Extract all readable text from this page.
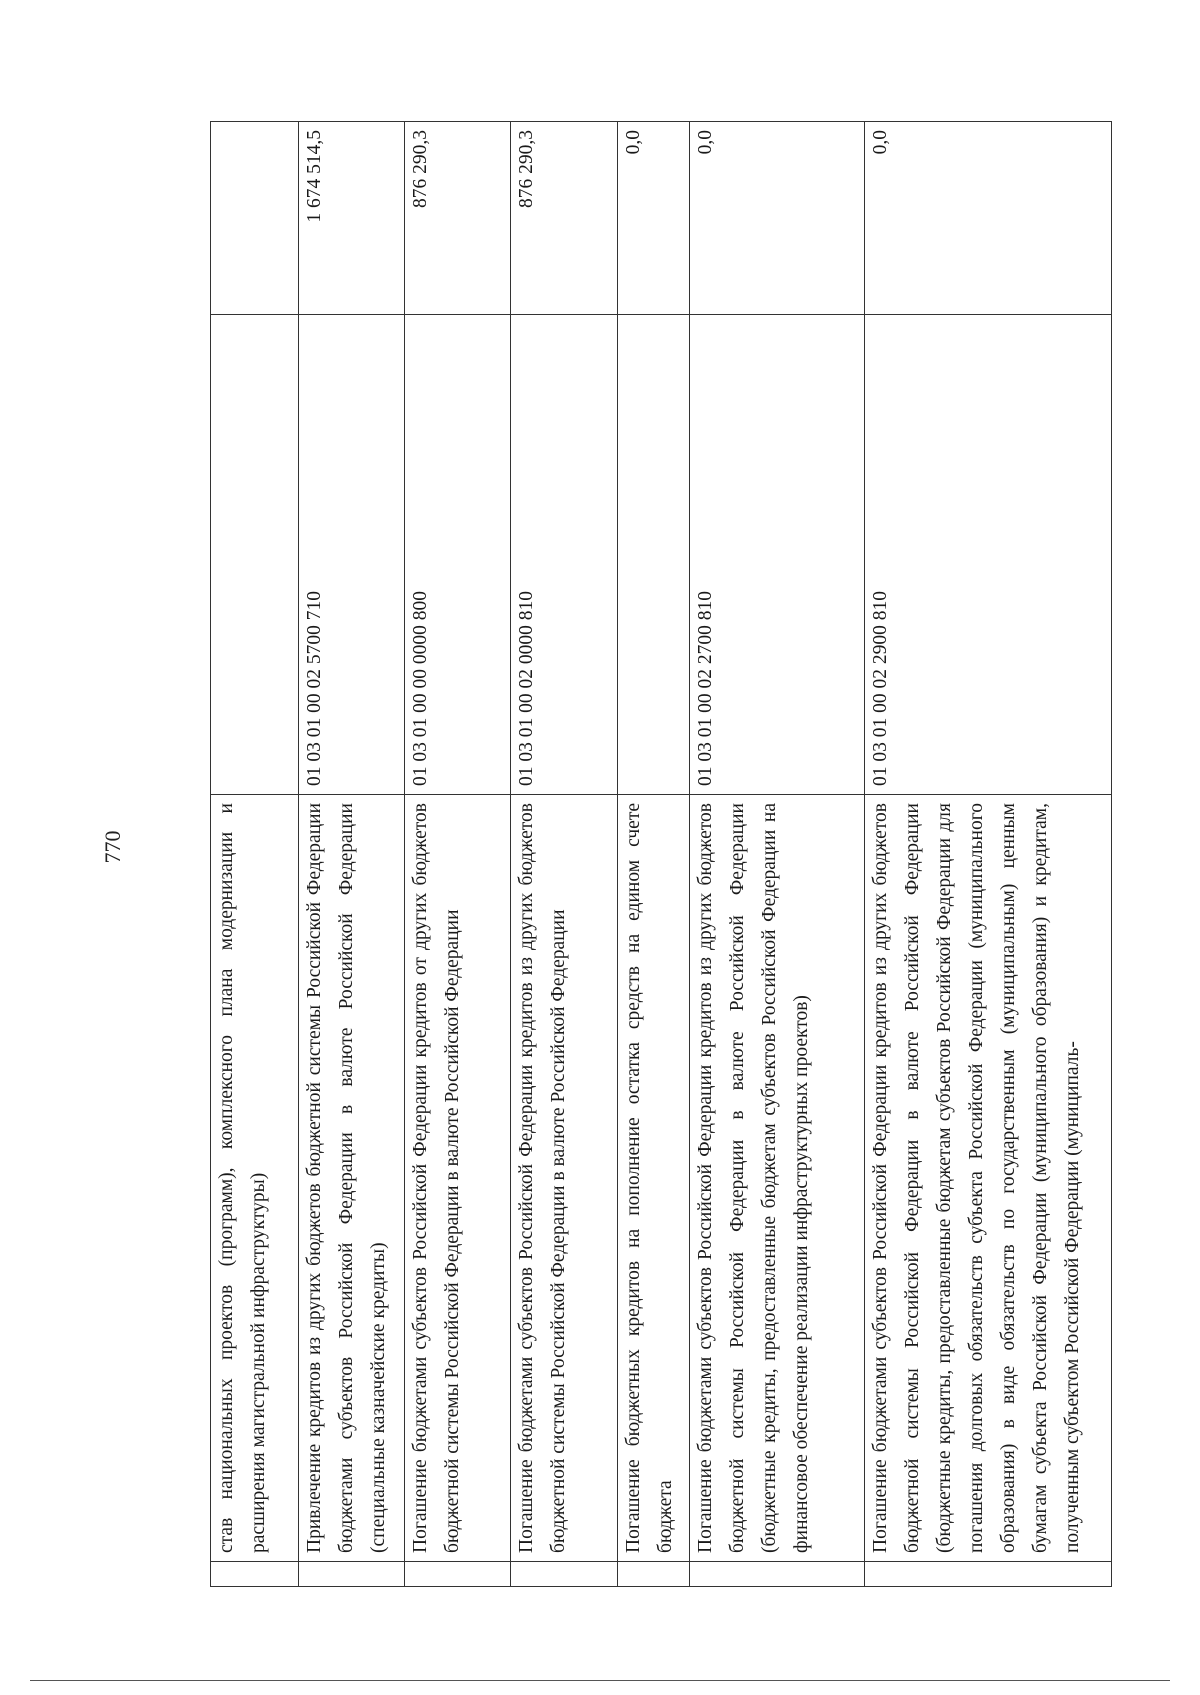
770
		став национальных проектов (программ), комплексного плана модернизации и расширения магистральной инфраструктуры)		
	Привлечение кредитов из других бюджетов бюджетной системы Российской Федерации бюджетами субъектов Российской Федерации в валюте Российской Федерации (специальные казначейские кредиты)	01 03 01 00 02 5700 710	1 674 514,5
	Погашение бюджетами субъектов Российской Федерации кредитов от других бюджетов бюджетной системы Российской Федерации в валюте Российской Федерации	01 03 01 00 00 0000 800	876 290,3
	Погашение бюджетами субъектов Российской Федерации кредитов из других бюджетов бюджетной системы Российской Федерации в валюте Российской Федерации	01 03 01 00 02 0000 810	876 290,3
	Погашение бюджетных кредитов на пополнение остатка средств на едином счете бюджета		0,0
	Погашение бюджетами субъектов Российской Федерации кредитов из других бюджетов бюджетной системы Российской Федерации в валюте Российской Федерации (бюджетные кредиты, предоставленные бюджетам субъектов Российской Федерации на финансовое обеспечение реализации инфраструктурных проектов)	01 03 01 00 02 2700 810	0,0
	Погашение бюджетами субъектов Российской Федерации кредитов из других бюджетов бюджетной системы Российской Федерации в валюте Российской Федерации (бюджетные кредиты, предоставленные бюджетам субъектов Российской Федерации для погашения долговых обязательств субъекта Российской Федерации (муниципального образования) в виде обязательств по государственным (муниципальным) ценным бумагам субъекта Российской Федерации (муниципального образования) и кредитам, полученным субъектом Российской Федерации (муниципаль-	01 03 01 00 02 2900 810	0,0
